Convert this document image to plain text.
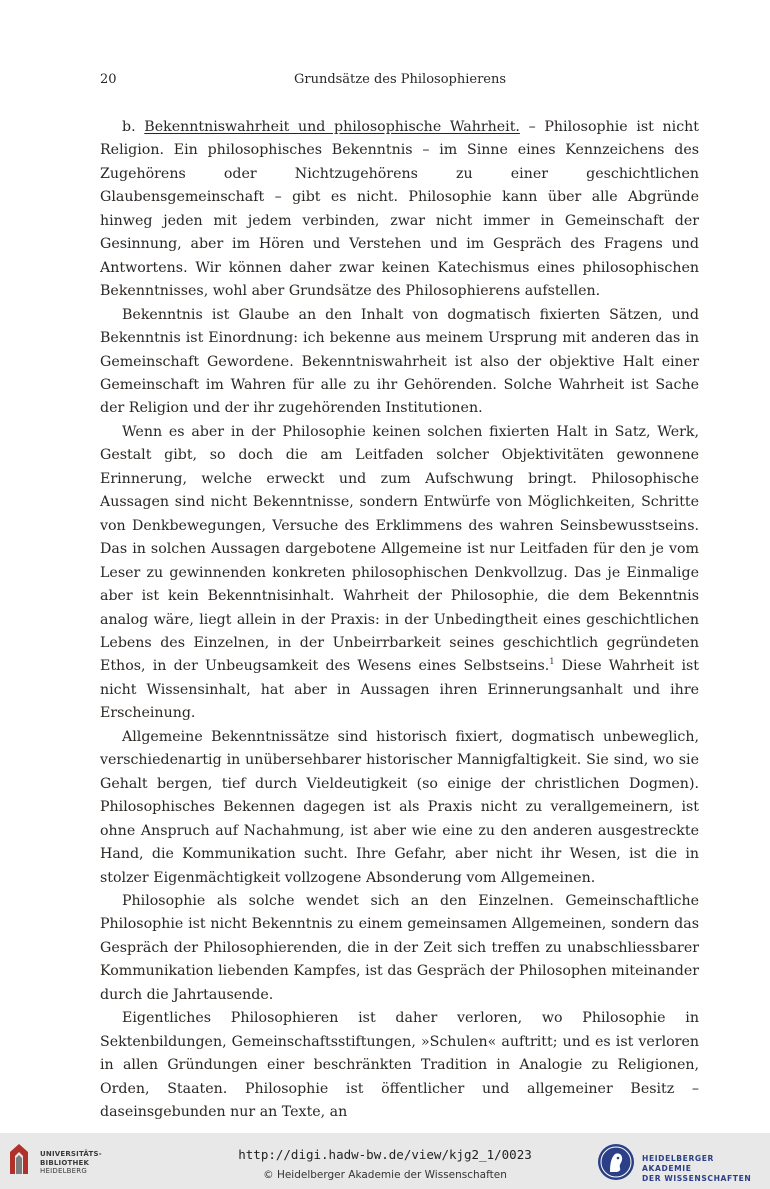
20	Grundsätze des Philosophierens

b. Bekenntniswahrheit und philosophische Wahrheit. – Philosophie ist nicht Religion. Ein philosophisches Bekenntnis – im Sinne eines Kennzeichens des Zugehörens oder Nichtzugehörens zu einer geschichtlichen Glaubensgemeinschaft – gibt es nicht. Philosophie kann über alle Abgründe hinweg jeden mit jedem verbinden, zwar nicht immer in Gemeinschaft der Gesinnung, aber im Hören und Verstehen und im Gespräch des Fragens und Antwortens. Wir können daher zwar keinen Katechismus eines philosophischen Bekenntnisses, wohl aber Grundsätze des Philosophierens aufstellen.

Bekenntnis ist Glaube an den Inhalt von dogmatisch fixierten Sätzen, und Bekenntnis ist Einordnung: ich bekenne aus meinem Ursprung mit anderen das in Gemeinschaft Gewordene. Bekenntniswahrheit ist also der objektive Halt einer Gemeinschaft im Wahren für alle zu ihr Gehörenden. Solche Wahrheit ist Sache der Religion und der ihr zugehörenden Institutionen.

Wenn es aber in der Philosophie keinen solchen fixierten Halt in Satz, Werk, Gestalt gibt, so doch die am Leitfaden solcher Objektivitäten gewonnene Erinnerung, welche erweckt und zum Aufschwung bringt. Philosophische Aussagen sind nicht Bekenntnisse, sondern Entwürfe von Möglichkeiten, Schritte von Denkbewegungen, Versuche des Erklimmens des wahren Seinsbewusstseins. Das in solchen Aussagen dargebotene Allgemeine ist nur Leitfaden für den je vom Leser zu gewinnenden konkreten philosophischen Denkvollzug. Das je Einmalige aber ist kein Bekenntnisinhalt. Wahrheit der Philosophie, die dem Bekenntnis analog wäre, liegt allein in der Praxis: in der Unbedingtheit eines geschichtlichen Lebens des Einzelnen, in der Unbeirrbarkeit seines geschichtlich gegründeten Ethos, in der Unbeugsamkeit des Wesens eines Selbstseins.$^1$ Diese Wahrheit ist nicht Wissensinhalt, hat aber in Aussagen ihren Erinnerungsanhalt und ihre Erscheinung.

Allgemeine Bekenntnissätze sind historisch fixiert, dogmatisch unbeweglich, verschiedenartig in unübersehbarer historischer Mannigfaltigkeit. Sie sind, wo sie Gehalt bergen, tief durch Vieldeutigkeit (so einige der christlichen Dogmen). Philosophisches Bekennen dagegen ist als Praxis nicht zu verallgemeinern, ist ohne Anspruch auf Nachahmung, ist aber wie eine zu den anderen ausgestreckte Hand, die Kommunikation sucht. Ihre Gefahr, aber nicht ihr Wesen, ist die in stolzer Eigenmächtigkeit vollzogene Absonderung vom Allgemeinen.

Philosophie als solche wendet sich an den Einzelnen. Gemeinschaftliche Philosophie ist nicht Bekenntnis zu einem gemeinsamen Allgemeinen, sondern das Gespräch der Philosophierenden, die in der Zeit sich treffen zu unabschliessbarer Kommunikation liebenden Kampfes, ist das Gespräch der Philosophen miteinander durch die Jahrtausende.

Eigentliches Philosophieren ist daher verloren, wo Philosophie in Sektenbildungen, Gemeinschaftsstiftungen, »Schulen« auftritt; und es ist verloren in allen Gründungen einer beschränkten Tradition in Analogie zu Religionen, Orden, Staaten. Philosophie ist öffentlicher und allgemeiner Besitz – daseinsgebunden nur an Texte, an

UNIVERSITÄTS-
BIBLIOTHEK
HEIDELBERG
http://digi.hadw-bw.de/view/kjg2_1/0023
© Heidelberger Akademie der Wissenschaften
HEIDELBERGER AKADEMIE
DER WISSENSCHAFTEN
